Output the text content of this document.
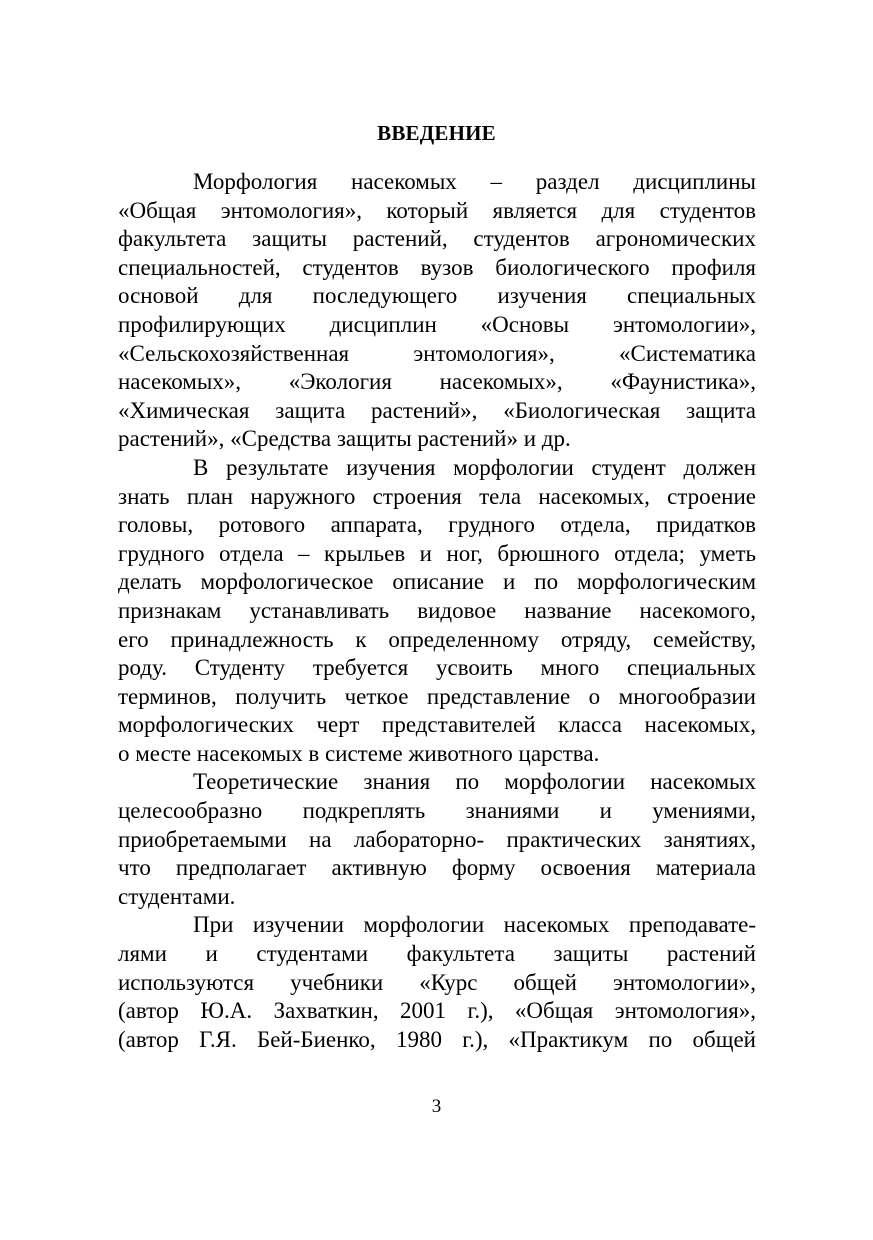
ВВЕДЕНИЕ
Морфология насекомых – раздел дисциплины
«Общая энтомология», который является для студентов
факультета защиты растений, студентов агрономических
специальностей, студентов вузов биологического профиля
основой для последующего изучения специальных
профилирующих дисциплин «Основы энтомологии»,
«Сельскохозяйственная энтомология», «Систематика
насекомых», «Экология насекомых», «Фаунистика»,
«Химическая защита растений», «Биологическая защита
растений», «Средства защиты растений» и др.
В результате изучения морфологии студент должен
знать план наружного строения тела насекомых, строение
головы, ротового аппарата, грудного отдела, придатков
грудного отдела – крыльев и ног, брюшного отдела; уметь
делать морфологическое описание и по морфологическим
признакам устанавливать видовое название насекомого,
его принадлежность к определенному отряду, семейству,
роду. Студенту требуется усвоить много специальных
терминов, получить четкое представление о многообразии
морфологических черт представителей класса насекомых,
о месте насекомых в системе животного царства.
Теоретические знания по морфологии насекомых
целесообразно подкреплять знаниями и умениями,
приобретаемыми на лабораторно- практических занятиях,
что предполагает активную форму освоения материала
студентами.
При изучении морфологии насекомых преподавате-
лями и студентами факультета защиты растений
используются учебники «Курс общей энтомологии»,
(автор Ю.А. Захваткин, 2001 г.), «Общая энтомология»,
(автор Г.Я. Бей-Биенко, 1980 г.), «Практикум по общей
3
